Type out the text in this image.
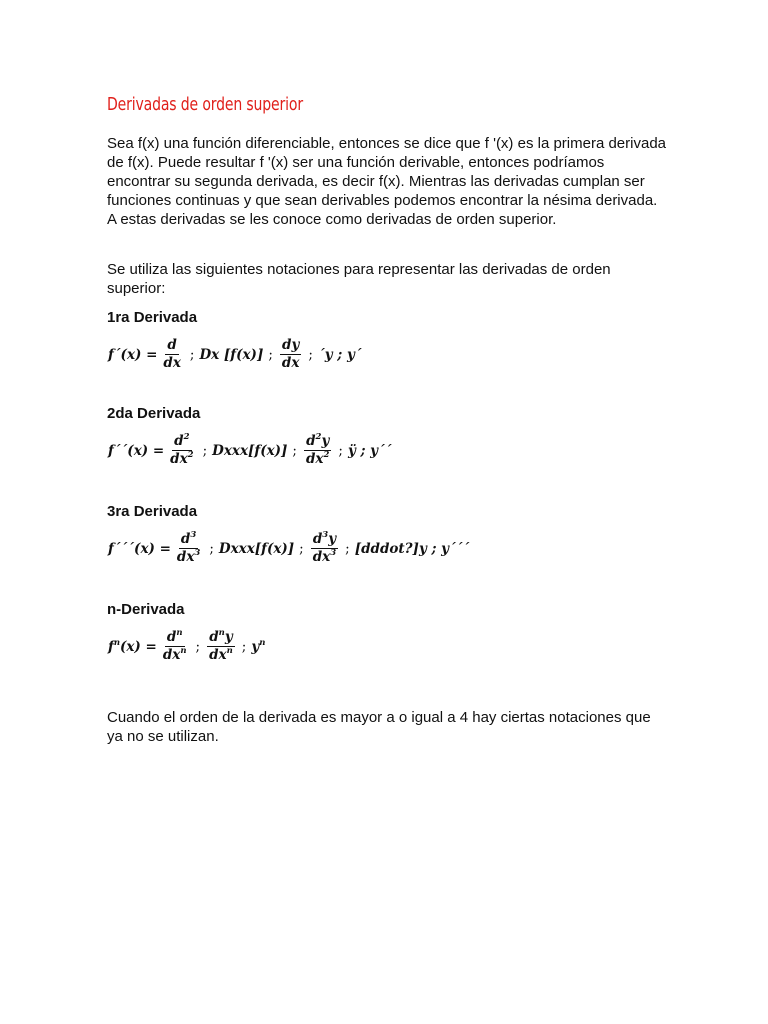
Derivadas de orden superior

Sea f(x) una función diferenciable, entonces se dice que f '(x) es la primera derivada de f(x). Puede resultar f '(x) ser una función derivable, entonces podríamos encontrar su segunda derivada, es decir f(x). Mientras las derivadas cumplan ser funciones continuas y que sean derivables podemos encontrar la nésima derivada. A estas derivadas se les conoce como derivadas de orden superior.

Se utiliza las siguientes notaciones para representar las derivadas de orden superior:

1ra Derivada
f´(x) = $\frac{d}{dx}$ ; Dx [f(x)] ; $\frac{dy}{dx}$ ; ´y ; y´
2da Derivada
f´´(x) = $\frac{d^2}{dx^2}$ ; Dxxx[f(x)] ; $\frac{d^2y}{dx^2}$ ; ÿ ; y´´
3ra Derivada
f´´´(x) = $\frac{d^3}{dx^3}$ ; Dxxx[f(x)] ; $\frac{d^3y}{dx^3}$ ; [dddot?]y ; y´´´
n-Derivada
$f^n(x) = \frac{d^n}{dx^n}$ ; $\frac{d^ny}{dx^n}$ ; $y^n$

Cuando el orden de la derivada es mayor a o igual a 4 hay ciertas notaciones que ya no se utilizan.
